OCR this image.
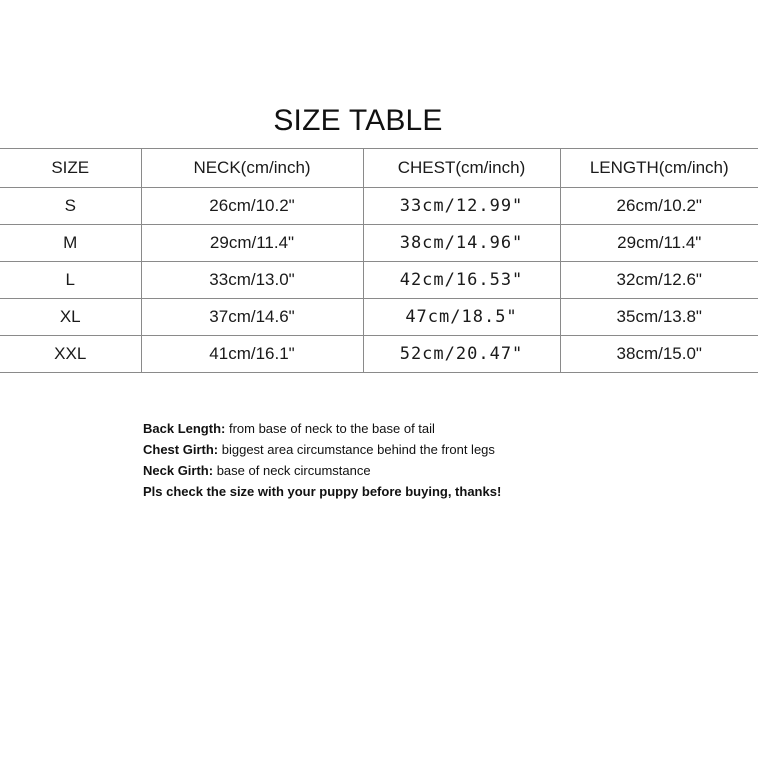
SIZE TABLE
SIZE	NECK(cm/inch)	CHEST(cm/inch)	LENGTH(cm/inch)
S	26cm/10.2"	33cm/12.99"	26cm/10.2"
M	29cm/11.4"	38cm/14.96"	29cm/11.4"
L	33cm/13.0"	42cm/16.53"	32cm/12.6"
XL	37cm/14.6"	47cm/18.5"	35cm/13.8"
XXL	41cm/16.1"	52cm/20.47"	38cm/15.0"
Back Length: from base of neck to the base of tail
Chest Girth: biggest area circumstance behind the front legs
Neck Girth: base of neck circumstance
Pls check the size with your puppy before buying, thanks!
